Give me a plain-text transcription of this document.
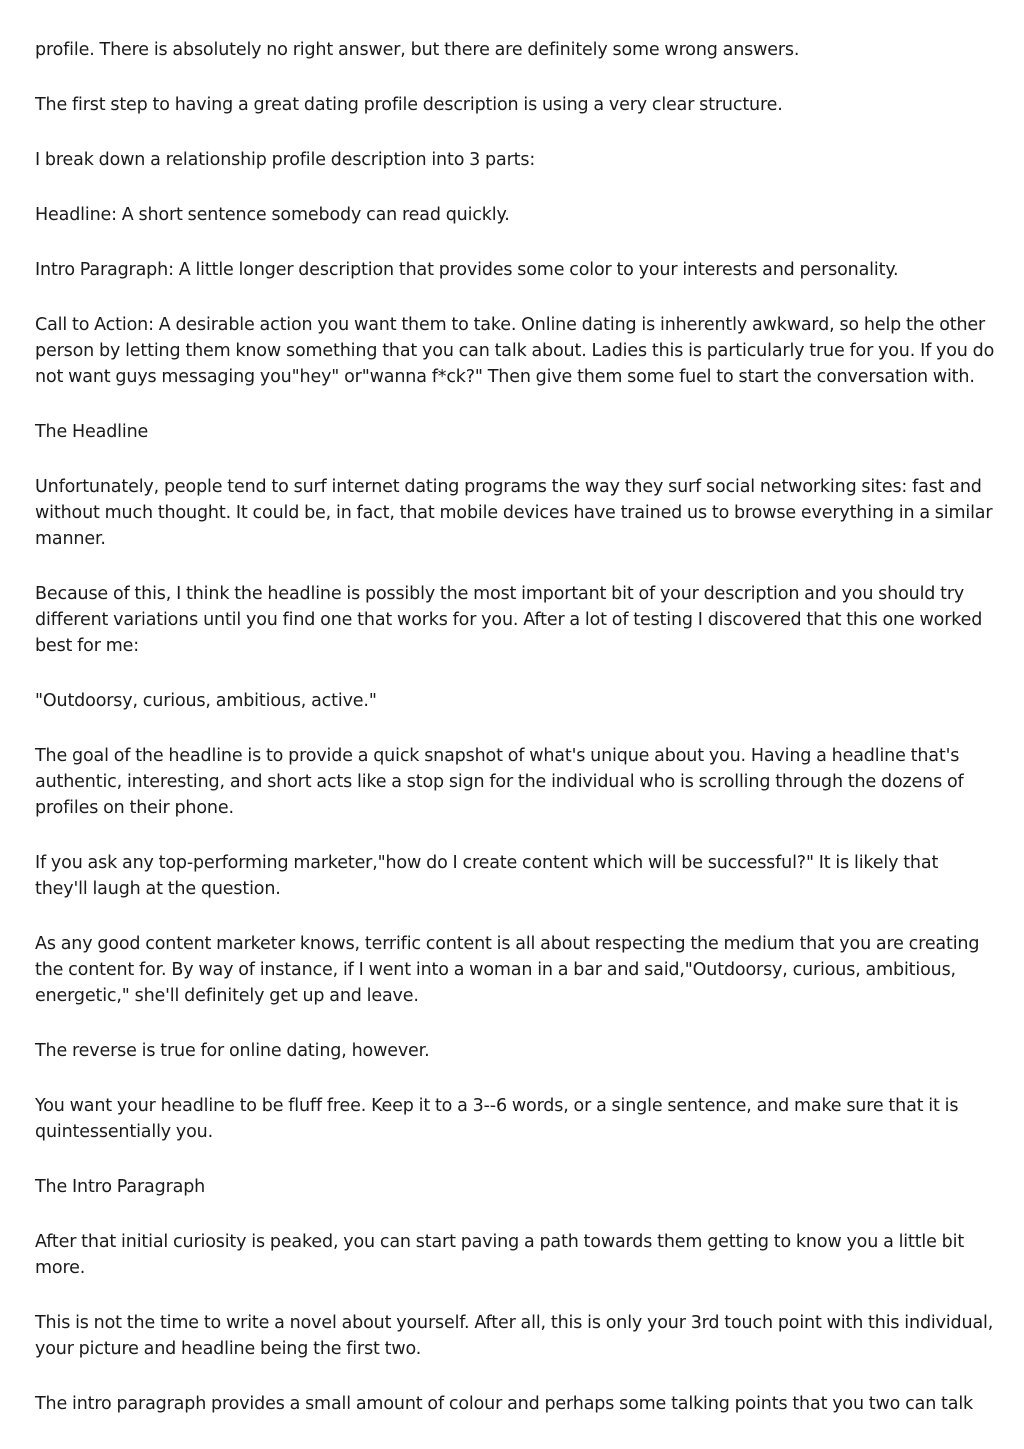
profile. There is absolutely no right answer, but there are definitely some wrong answers.

The first step to having a great dating profile description is using a very clear structure.

I break down a relationship profile description into 3 parts:

Headline: A short sentence somebody can read quickly.

Intro Paragraph: A little longer description that provides some color to your interests and personality.

Call to Action: A desirable action you want them to take. Online dating is inherently awkward, so help the other person by letting them know something that you can talk about. Ladies this is particularly true for you. If you do not want guys messaging you"hey" or"wanna f*ck?" Then give them some fuel to start the conversation with.

The Headline

Unfortunately, people tend to surf internet dating programs the way they surf social networking sites: fast and without much thought. It could be, in fact, that mobile devices have trained us to browse everything in a similar manner.

Because of this, I think the headline is possibly the most important bit of your description and you should try different variations until you find one that works for you. After a lot of testing I discovered that this one worked best for me:

"Outdoorsy, curious, ambitious, active."

The goal of the headline is to provide a quick snapshot of what's unique about you. Having a headline that's authentic, interesting, and short acts like a stop sign for the individual who is scrolling through the dozens of profiles on their phone.

If you ask any top-performing marketer,"how do I create content which will be successful?" It is likely that they'll laugh at the question.

As any good content marketer knows, terrific content is all about respecting the medium that you are creating the content for. By way of instance, if I went into a woman in a bar and said,"Outdoorsy, curious, ambitious, energetic," she'll definitely get up and leave.

The reverse is true for online dating, however.

You want your headline to be fluff free. Keep it to a 3--6 words, or a single sentence, and make sure that it is quintessentially you.

The Intro Paragraph

After that initial curiosity is peaked, you can start paving a path towards them getting to know you a little bit more.

This is not the time to write a novel about yourself. After all, this is only your 3rd touch point with this individual, your picture and headline being the first two.

The intro paragraph provides a small amount of colour and perhaps some talking points that you two can talk
